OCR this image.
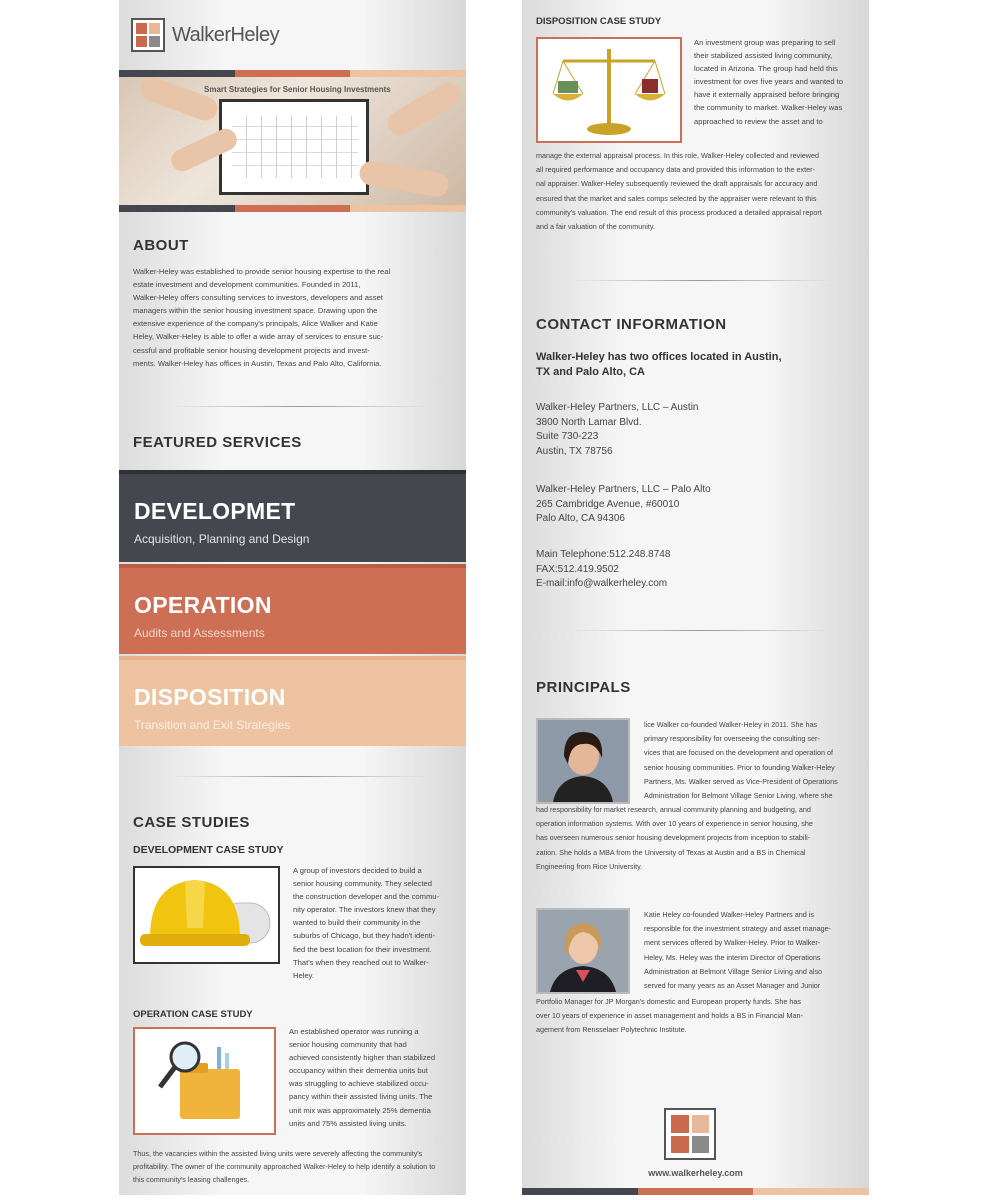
WalkerHeley
Smart Strategies for Senior Housing Investments
ABOUT
Walker-Heley was established to provide senior housing expertise to the real
estate investment and development communities. Founded in 2011,
Walker-Heley offers consulting services to investors, developers and asset
managers within the senior housing investment space. Drawing upon the
extensive experience of the company's principals, Alice Walker and Katie
Heley, Walker-Heley is able to offer a wide array of services to ensure suc-
cessful and profitable senior housing development projects and invest-
ments. Walker-Heley has offices in Austin, Texas and Palo Alto, California.
FEATURED SERVICES
DEVELOPMET
Acquisition, Planning and Design
OPERATION
Audits and Assessments
DISPOSITION
Transition and Exit Strategies
CASE STUDIES
DEVELOPMENT CASE STUDY
A group of investors decided to build a
senior housing community. They selected
the construction developer and the commu-
nity operator. The investors knew that they
wanted to build their community in the
suburbs of Chicago, but they hadn't identi-
fied the best location for their investment.
That's when they reached out to Walker-
Heley.
OPERATION CASE STUDY
An established operator was running a
senior housing community that had
achieved consistently higher than stabilized
occupancy within their dementia units but
was struggling to achieve stabilized occu-
pancy within their assisted living units. The
unit mix was approximately 25% dementia
units and 75% assisted living units.
Thus, the vacancies within the assisted living units were severely affecting the community's
profitability. The owner of the community approached Walker-Heley to help identify a solution to
this community's leasing challenges.
DISPOSITION CASE STUDY
An investment group was preparing to sell
their stabilized assisted living community,
located in Arizona. The group had held this
investment for over five years and wanted to
have it externally appraised before bringing
the community to market. Walker-Heley was
approached to review the asset and to
manage the external appraisal process. In this role, Walker-Heley collected and reviewed
all required performance and occupancy data and provided this information to the exter-
nal appraiser. Walker-Heley subsequently reviewed the draft appraisals for accuracy and
ensured that the market and sales comps selected by the appraiser were relevant to this
community's valuation. The end result of this process produced a detailed appraisal report
and a fair valuation of the community.
CONTACT INFORMATION
Walker-Heley has two offices located in Austin,
TX and Palo Alto, CA
Walker-Heley Partners, LLC – Austin
3800 North Lamar Blvd.
Suite 730-223
Austin, TX 78756
Walker-Heley Partners, LLC – Palo Alto
265 Cambridge Avenue, #60010
Palo Alto, CA 94306
Main Telephone:512.248.8748
FAX:512.419.9502
E-mail:info@walkerheley.com
PRINCIPALS
lice Walker co-founded Walker-Heley in 2011. She has
primary responsibility for overseeing the consulting ser-
vices that are focused on the development and operation of
senior housing communities. Prior to founding Walker-Heley
Partners, Ms. Walker served as Vice-President of Operations
Administration for Belmont Village Senior Living, where she
had responsibility for market research, annual community planning and budgeting, and
operation information systems. With over 10 years of experience in senior housing, she
has overseen numerous senior housing development projects from inception to stabili-
zation. She holds a MBA from the University of Texas at Austin and a BS in Chemical
Engineering from Rice University.
Katie Heley co-founded Walker-Heley Partners and is
responsible for the investment strategy and asset manage-
ment services offered by Walker-Heley. Prior to Walker-
Heley, Ms. Heley was the interim Director of Operations
Administration at Belmont Village Senior Living and also
served for many years as an Asset Manager and Junior
Portfolio Manager for JP Morgan's domestic and European property funds. She has
over 10 years of experience in asset management and holds a BS in Financial Man-
agement from Rensselaer Polytechnic Institute.
www.walkerheley.com
